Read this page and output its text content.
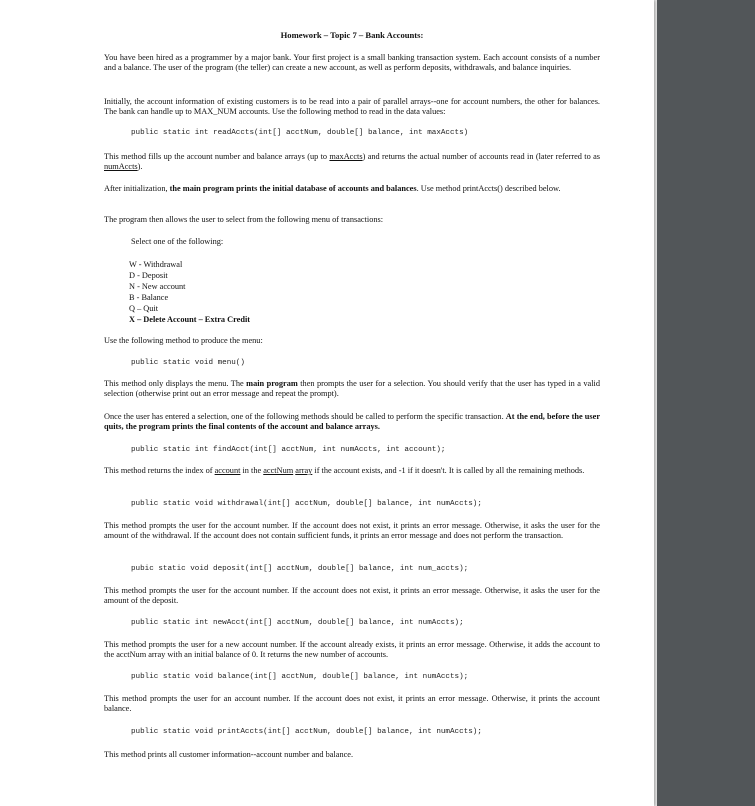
Homework – Topic 7 – Bank Accounts:

You have been hired as a programmer by a major bank. Your first project is a small banking transaction system. Each account consists of a number and a balance. The user of the program (the teller) can create a new account, as well as perform deposits, withdrawals, and balance inquiries.

Initially, the account information of existing customers is to be read into a pair of parallel arrays--one for account numbers, the other for balances. The bank can handle up to MAX_NUM accounts. Use the following method to read in the data values:

public static int readAccts(int[] acctNum, double[] balance, int maxAccts)

This method fills up the account number and balance arrays (up to maxAccts) and returns the actual number of accounts read in (later referred to as numAccts).

After initialization, the main program prints the initial database of accounts and balances. Use method printAccts() described below.

The program then allows the user to select from the following menu of transactions:

Select one of the following:
W - Withdrawal
D - Deposit
N - New account
B - Balance
Q – Quit
X – Delete Account – Extra Credit

Use the following method to produce the menu:

public static void menu()

This method only displays the menu. The main program then prompts the user for a selection. You should verify that the user has typed in a valid selection (otherwise print out an error message and repeat the prompt).

Once the user has entered a selection, one of the following methods should be called to perform the specific transaction. At the end, before the user quits, the program prints the final contents of the account and balance arrays.

public static int findAcct(int[] acctNum, int numAccts, int account);

This method returns the index of account in the acctNum array if the account exists, and -1 if it doesn't. It is called by all the remaining methods.

public static void withdrawal(int[] acctNum, double[] balance, int numAccts);

This method prompts the user for the account number. If the account does not exist, it prints an error message. Otherwise, it asks the user for the amount of the withdrawal. If the account does not contain sufficient funds, it prints an error message and does not perform the transaction.

pubic static void deposit(int[] acctNum, double[] balance, int num_accts);

This method prompts the user for the account number. If the account does not exist, it prints an error message. Otherwise, it asks the user for the amount of the deposit.

public static int newAcct(int[] acctNum, double[] balance, int numAccts);

This method prompts the user for a new account number. If the account already exists, it prints an error message. Otherwise, it adds the account to the acctNum array with an initial balance of 0. It returns the new number of accounts.

public static void balance(int[] acctNum, double[] balance, int numAccts);

This method prompts the user for an account number. If the account does not exist, it prints an error message. Otherwise, it prints the account balance.

public static void printAccts(int[] acctNum, double[] balance, int numAccts);

This method prints all customer information--account number and balance.
